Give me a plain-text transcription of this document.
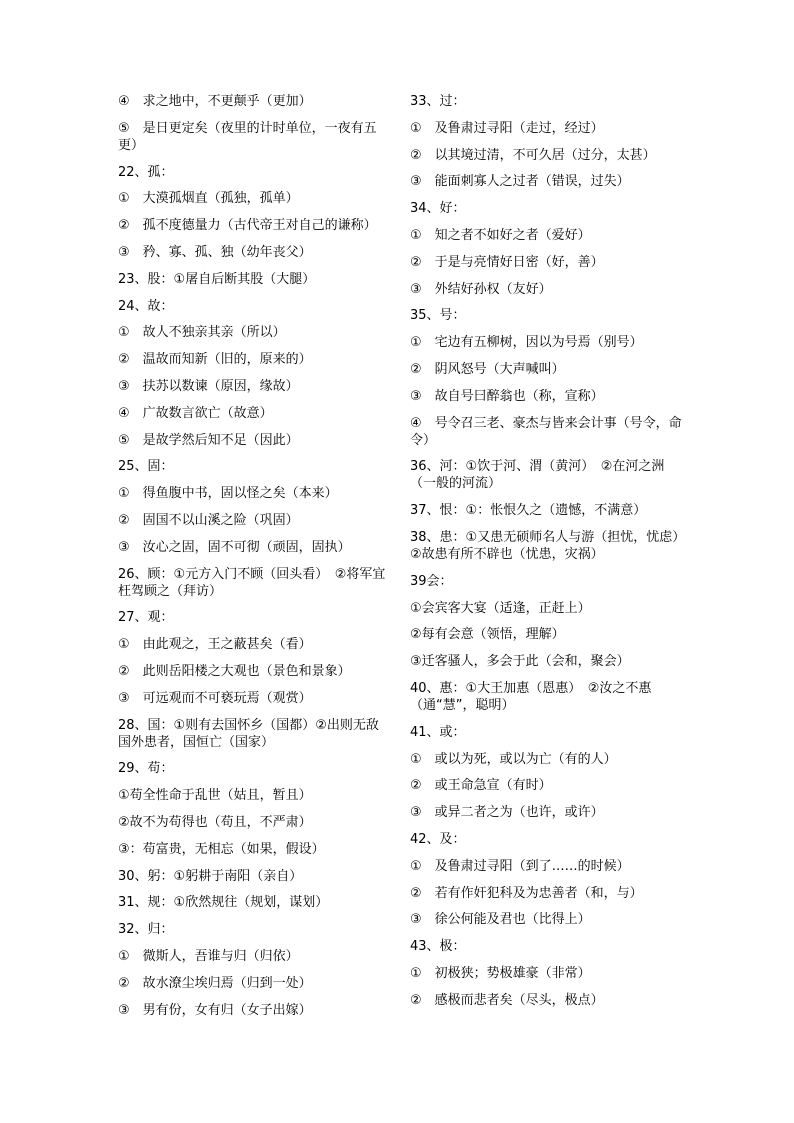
④　求之地中，不更颠乎（更加）

⑤　是日更定矣（夜里的计时单位，一夜有五更）

22、孤：

①　大漠孤烟直（孤独，孤单）

②　孤不度德量力（古代帝王对自己的谦称）

③　矜、寡、孤、独（幼年丧父）

23、股：①屠自后断其股（大腿）

24、故：

①　故人不独亲其亲（所以）

②　温故而知新（旧的，原来的）

③　扶苏以数谏（原因，缘故）

④　广故数言欲亡（故意）

⑤　是故学然后知不足（因此）

25、固：

①　得鱼腹中书，固以怪之矣（本来）

②　固国不以山溪之险（巩固）

③　汝心之固，固不可彻（顽固，固执）

26、顾：①元方入门不顾（回头看）　②将军宜枉驾顾之（拜访）

27、观：

①　由此观之，王之蔽甚矣（看）

②　此则岳阳楼之大观也（景色和景象）

③　可远观而不可亵玩焉（观赏）

28、国：①则有去国怀乡（国都）②出则无敌国外患者，国恒亡（国家）

29、苟：

①苟全性命于乱世（姑且，暂且）

②故不为苟得也（苟且，不严肃）

③：苟富贵，无相忘（如果，假设）

30、躬：①躬耕于南阳（亲自）

31、规：①欣然规往（规划，谋划）

32、归：

①　微斯人，吾谁与归（归依）

②　故水潦尘埃归焉（归到一处）

③　男有份，女有归（女子出嫁）

33、过：

①　及鲁肃过寻阳（走过，经过）

②　以其境过清，不可久居（过分，太甚）

③　能面刺寡人之过者（错误，过失）

34、好：

①　知之者不如好之者（爱好）

②　于是与亮情好日密（好，善）

③　外结好孙权（友好）

35、号：

①　宅边有五柳树，因以为号焉（别号）

②　阴风怒号（大声喊叫）

③　故自号曰醉翁也（称，宣称）

④　号令召三老、豪杰与皆来会计事（号令，命令）

36、河：①饮于河、渭（黄河）　②在河之洲（一般的河流）

37、恨：①：怅恨久之（遗憾，不满意）

38、患：①又患无硕师名人与游（担忧，忧虑）　②故患有所不辟也（忧患，灾祸）

39会：

①会宾客大宴（适逢，正赶上）

②每有会意（领悟，理解）

③迁客骚人，多会于此（会和，聚会）

40、惠：①大王加惠（恩惠）　②汝之不惠（通“慧”，聪明）

41、或：

①　或以为死，或以为亡（有的人）

②　或王命急宣（有时）

③　或异二者之为（也许，或许）

42、及：

①　及鲁肃过寻阳（到了……的时候）

②　若有作奸犯科及为忠善者（和，与）

③　徐公何能及君也（比得上）

43、极：

①　初极狭；势极雄豪（非常）

②　感极而悲者矣（尽头，极点）
